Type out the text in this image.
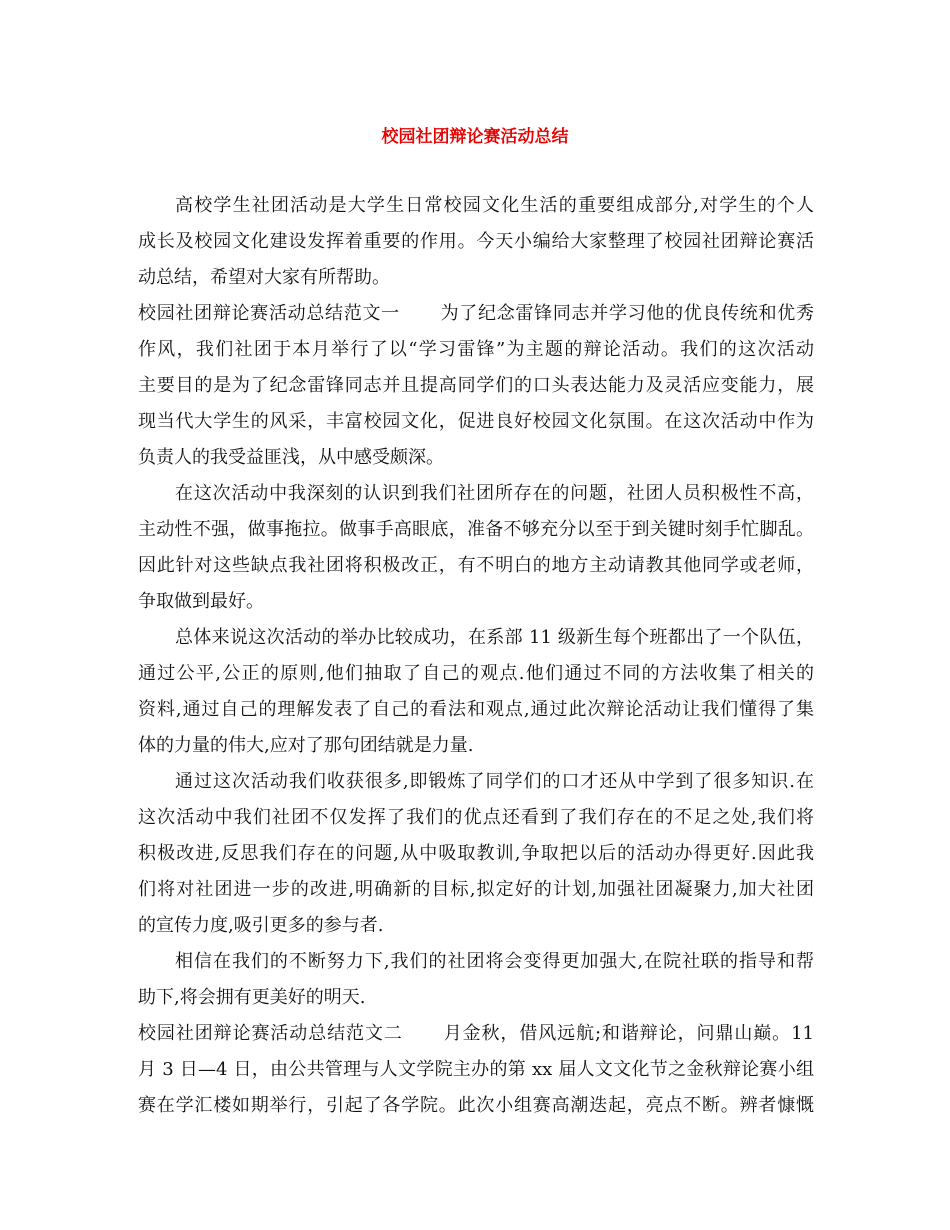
校园社团辩论赛活动总结
高校学生社团活动是大学生日常校园文化生活的重要组成部分,对学生的个人
成长及校园文化建设发挥着重要的作用。今天小编给大家整理了校园社团辩论赛活
动总结，希望对大家有所帮助。
校园社团辩论赛活动总结范文一 为了纪念雷锋同志并学习他的优良传统和优秀
作风，我们社团于本月举行了以“学习雷锋”为主题的辩论活动。我们的这次活动
主要目的是为了纪念雷锋同志并且提高同学们的口头表达能力及灵活应变能力，展
现当代大学生的风采，丰富校园文化，促进良好校园文化氛围。在这次活动中作为
负责人的我受益匪浅，从中感受颇深。
在这次活动中我深刻的认识到我们社团所存在的问题，社团人员积极性不高，
主动性不强，做事拖拉。做事手高眼底，准备不够充分以至于到关键时刻手忙脚乱。
因此针对这些缺点我社团将积极改正，有不明白的地方主动请教其他同学或老师，
争取做到最好。
总体来说这次活动的举办比较成功，在系部 11 级新生每个班都出了一个队伍，
通过公平,公正的原则,他们抽取了自己的观点.他们通过不同的方法收集了相关的
资料,通过自己的理解发表了自己的看法和观点,通过此次辩论活动让我们懂得了集
体的力量的伟大,应对了那句团结就是力量.
通过这次活动我们收获很多,即锻炼了同学们的口才还从中学到了很多知识.在
这次活动中我们社团不仅发挥了我们的优点还看到了我们存在的不足之处,我们将
积极改进,反思我们存在的问题,从中吸取教训,争取把以后的活动办得更好.因此我
们将对社团进一步的改进,明确新的目标,拟定好的计划,加强社团凝聚力,加大社团
的宣传力度,吸引更多的参与者.
相信在我们的不断努力下,我们的社团将会变得更加强大,在院社联的指导和帮
助下,将会拥有更美好的明天.
校园社团辩论赛活动总结范文二 月金秋，借风远航;和谐辩论，问鼎山巅。11
月 3 日—4 日，由公共管理与人文学院主办的第 xx 届人文文化节之金秋辩论赛小组
赛在学汇楼如期举行，引起了各学院。此次小组赛高潮迭起，亮点不断。辨者慷慨
